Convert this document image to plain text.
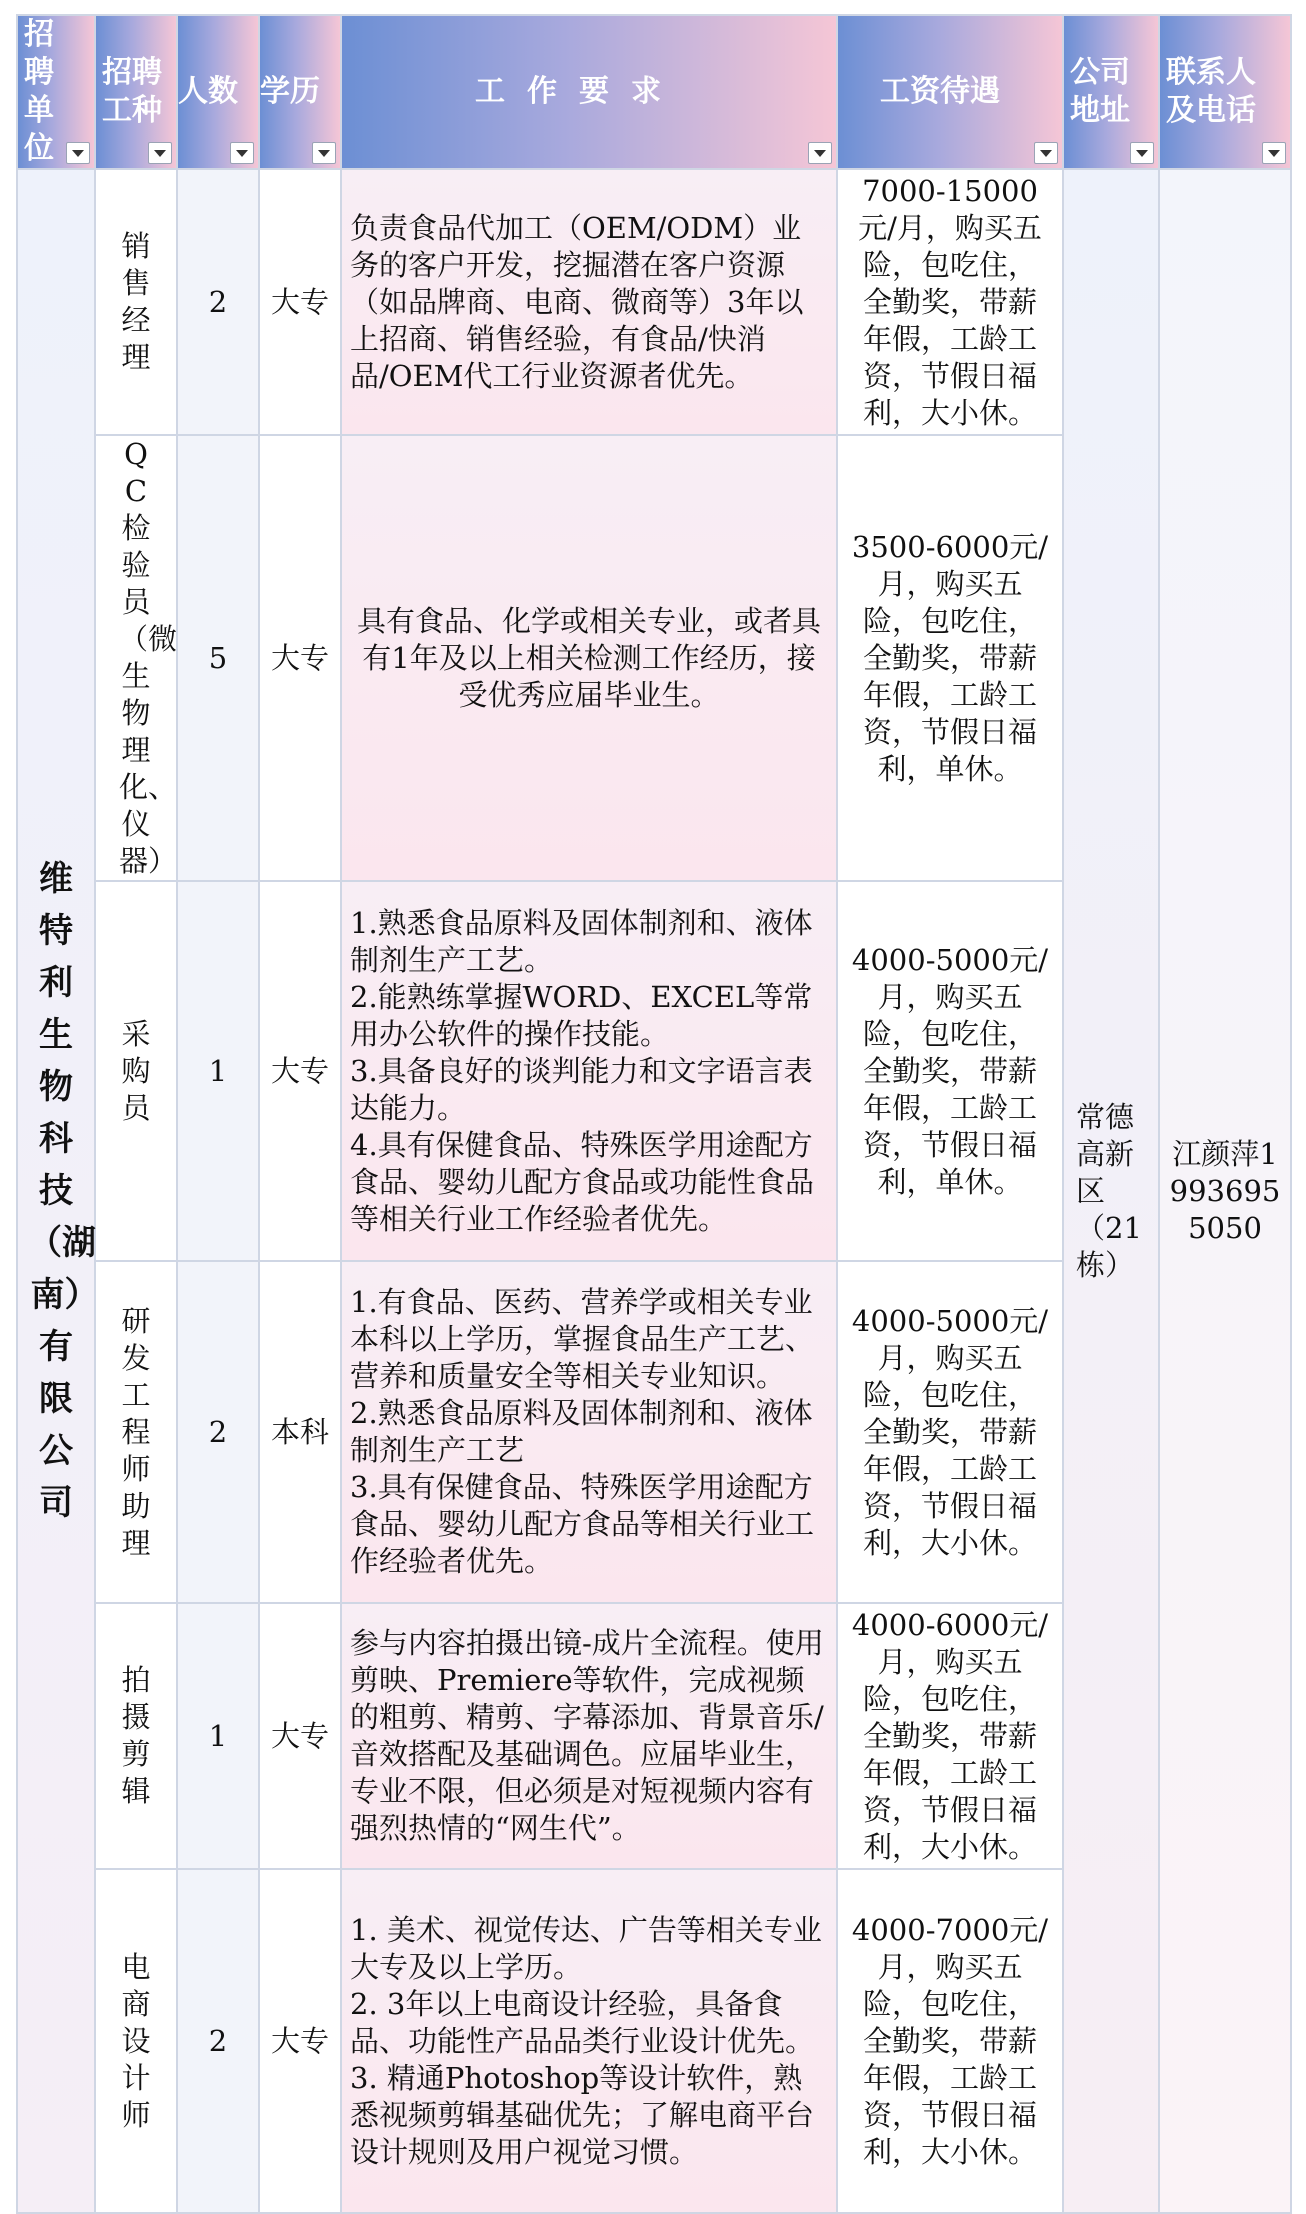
招聘单位	招聘工种	人数	学历	工作要求	工资待遇	公司地址	联系人及电话

维特利生物科技（湖南）有限公司	销售经理	2	大专	负责食品代加工（OEM/ODM）业务的客户开发，挖掘潜在客户资源（如品牌商、电商、微商等）3年以上招商、销售经验，有食品/快消品/OEM代工行业资源者优先。	7000-15000元/月，购买五险，包吃住，全勤奖，带薪年假，工龄工资，节假日福利，大小休。	常德高新区（21栋）	江颜萍19936955050
	QC检验员（微生物理化、仪器）	5	大专	具有食品、化学或相关专业，或者具有1年及以上相关检测工作经历，接受优秀应届毕业生。	3500-6000元/月，购买五险，包吃住，全勤奖，带薪年假，工龄工资，节假日福利，单休。		
	采购员	1	大专	1.熟悉食品原料及固体制剂和、液体制剂生产工艺。
2.能熟练掌握WORD、EXCEL等常用办公软件的操作技能。
3.具备良好的谈判能力和文字语言表达能力。
4.具有保健食品、特殊医学用途配方食品、婴幼儿配方食品或功能性食品等相关行业工作经验者优先。	4000-5000元/月，购买五险，包吃住，全勤奖，带薪年假，工龄工资，节假日福利，单休。		
	研发工程师助理	2	本科	1.有食品、医药、营养学或相关专业本科以上学历，掌握食品生产工艺、营养和质量安全等相关专业知识。
2.熟悉食品原料及固体制剂和、液体制剂生产工艺
3.具有保健食品、特殊医学用途配方食品、婴幼儿配方食品等相关行业工作经验者优先。	4000-5000元/月，购买五险，包吃住，全勤奖，带薪年假，工龄工资，节假日福利，大小休。		
	拍摄剪辑	1	大专	参与内容拍摄出镜-成片全流程。使用剪映、Premiere等软件，完成视频的粗剪、精剪、字幕添加、背景音乐/音效搭配及基础调色。应届毕业生，专业不限，但必须是对短视频内容有强烈热情的“网生代”。	4000-6000元/月，购买五险，包吃住，全勤奖，带薪年假，工龄工资，节假日福利，大小休。		
	电商设计师	2	大专	1. 美术、视觉传达、广告等相关专业大专及以上学历。
2. 3年以上电商设计经验，具备食品、功能性产品品类行业设计优先。
3. 精通Photoshop等设计软件，熟悉视频剪辑基础优先；了解电商平台设计规则及用户视觉习惯。	4000-7000元/月，购买五险，包吃住，全勤奖，带薪年假，工龄工资，节假日福利，大小休。		
